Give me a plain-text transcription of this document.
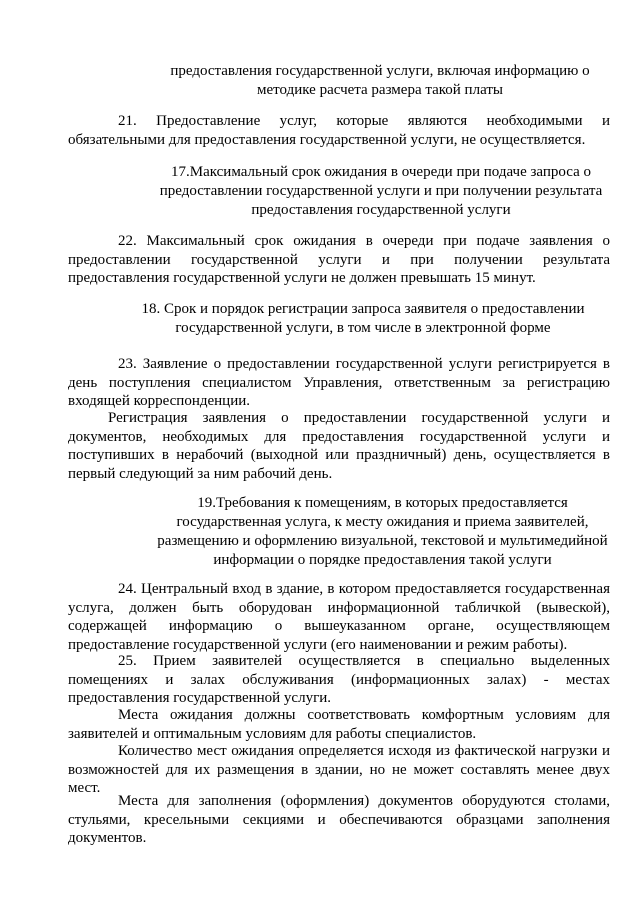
предоставления государственной услуги, включая информацию о методике расчета размера такой платы

21. Предоставление услуг, которые являются необходимыми и обязательными для предоставления государственной услуги, не осуществляется.

17.Максимальный срок ожидания в очереди при подаче запроса о предоставлении государственной услуги и при получении результата предоставления государственной услуги

22. Максимальный срок ожидания в очереди при подаче заявления о предоставлении государственной услуги и при получении результата предоставления государственной услуги не должен превышать 15 минут.

18. Срок и порядок регистрации запроса заявителя о предоставлении государственной услуги, в том числе в электронной форме

23. Заявление о предоставлении государственной услуги регистрируется в день поступления специалистом Управления, ответственным за регистрацию входящей корреспонденции.

Регистрация заявления о предоставлении государственной услуги и документов, необходимых для предоставления государственной услуги и поступивших в нерабочий (выходной или праздничный) день, осуществляется в первый следующий за ним рабочий день.

19.Требования к помещениям, в которых предоставляется государственная услуга, к месту ожидания и приема заявителей, размещению и оформлению визуальной, текстовой и мультимедийной информации о порядке предоставления такой услуги

24. Центральный вход в здание, в котором предоставляется государственная услуга, должен быть оборудован информационной табличкой (вывеской), содержащей информацию о вышеуказанном органе, осуществляющем предоставление государственной услуги (его наименовании и режим работы).

25. Прием заявителей осуществляется в специально выделенных помещениях и залах обслуживания (информационных залах) - местах предоставления государственной услуги.

Места ожидания должны соответствовать комфортным условиям для заявителей и оптимальным условиям для работы специалистов.

Количество мест ожидания определяется исходя из фактической нагрузки и возможностей для их размещения в здании, но не может составлять менее двух мест.

Места для заполнения (оформления) документов оборудуются столами, стульями, кресельными секциями и обеспечиваются образцами заполнения документов.
